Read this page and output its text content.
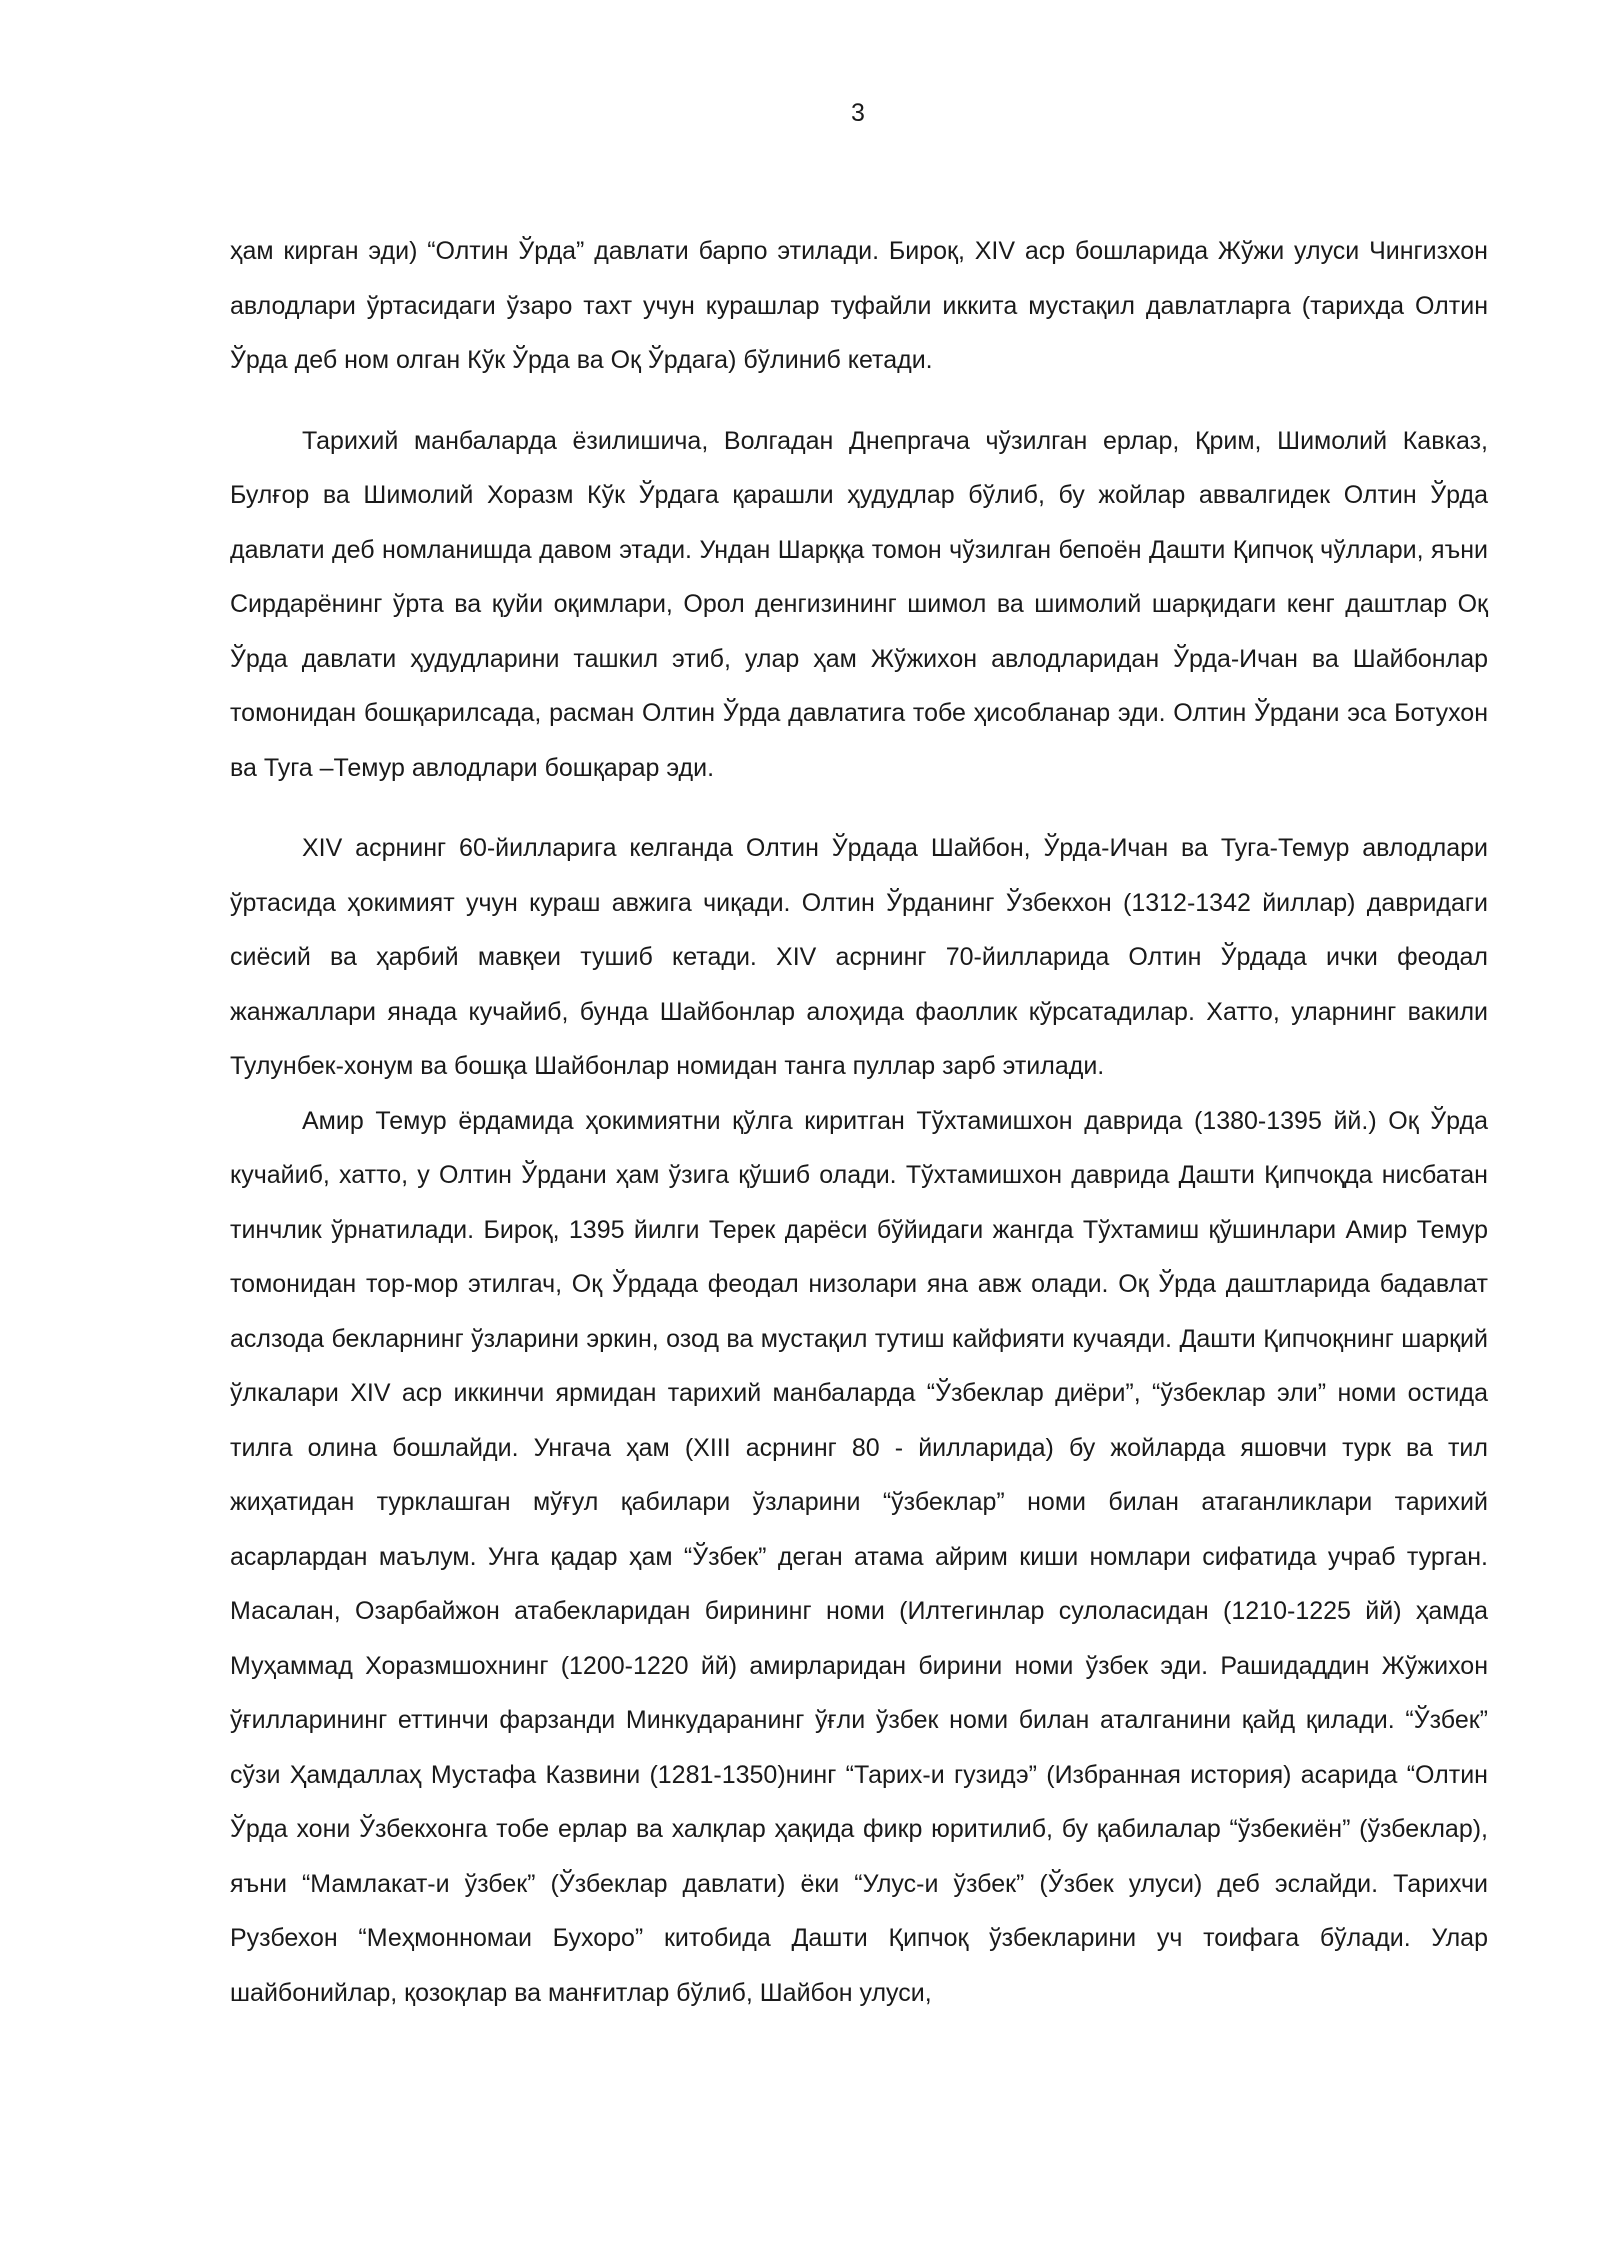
3

ҳам кирган эди) “Олтин Ўрда” давлати барпо этилади. Бироқ, XIV аср бошларида Жўжи улуси Чингизхон авлодлари ўртасидаги ўзаро тахт учун курашлар туфайли иккита мустақил давлатларга (тарихда Олтин Ўрда деб ном олган Кўк Ўрда ва Оқ Ўрдага) бўлиниб кетади.

Тарихий манбаларда ёзилишича, Волгадан Днепргача чўзилган ерлар, Қрим, Шимолий Кавказ, Булғор ва Шимолий Хоразм Кўк Ўрдага қарашли ҳудудлар бўлиб, бу жойлар аввалгидек Олтин Ўрда давлати деб номланишда давом этади. Ундан Шарққа томон чўзилган бепоён Дашти Қипчоқ чўллари, яъни Сирдарёнинг ўрта ва қуйи оқимлари, Орол денгизининг шимол ва шимолий шарқидаги кенг даштлар Оқ Ўрда давлати ҳудудларини ташкил этиб, улар ҳам Жўжихон авлодларидан Ўрда-Ичан ва Шайбонлар томонидан бошқарилсада, расман Олтин Ўрда давлатига тобе ҳисобланар эди. Олтин Ўрдани эса Ботухон ва Туга –Темур авлодлари бошқарар эди.

XIV асрнинг 60-йилларига келганда Олтин Ўрдада Шайбон, Ўрда-Ичан ва Туга-Темур авлодлари ўртасида ҳокимият учун кураш авжига чиқади. Олтин Ўрданинг Ўзбекхон (1312-1342 йиллар) давридаги сиёсий ва ҳарбий мавқеи тушиб кетади. XIV асрнинг 70-йилларида Олтин Ўрдада ички феодал жанжаллари янада кучайиб, бунда Шайбонлар алоҳида фаоллик кўрсатадилар. Хатто, уларнинг вакили Тулунбек-хонум ва бошқа Шайбонлар номидан танга пуллар зарб этилади.

Амир Темур ёрдамида ҳокимиятни қўлга киритган Тўхтамишхон даврида (1380-1395 йй.) Оқ Ўрда кучайиб, хатто, у Олтин Ўрдани ҳам ўзига қўшиб олади. Тўхтамишхон даврида Дашти Қипчоқда нисбатан тинчлик ўрнатилади. Бироқ, 1395 йилги Терек дарёси бўйидаги жангда Тўхтамиш қўшинлари Амир Темур томонидан тор-мор этилгач, Оқ Ўрдада феодал низолари яна авж олади. Оқ Ўрда даштларида бадавлат аслзода бекларнинг ўзларини эркин, озод ва мустақил тутиш кайфияти кучаяди. Дашти Қипчоқнинг шарқий ўлкалари XIV аср иккинчи ярмидан тарихий манбаларда “Ўзбеклар диёри”, “ўзбеклар эли” номи остида тилга олина бошлайди. Унгача ҳам (XIII асрнинг 80 - йилларида) бу жойларда яшовчи турк ва тил жиҳатидан турклашган мўғул қабилари ўзларини “ўзбеклар” номи билан атаганликлари тарихий асарлардан маълум. Унга қадар ҳам “Ўзбек” деган атама айрим киши номлари сифатида учраб турган. Масалан, Озарбайжон атабекларидан бирининг номи (Илтегинлар сулоласидан (1210-1225 йй) ҳамда Муҳаммад Хоразмшохнинг (1200-1220 йй) амирларидан бирини номи ўзбек эди. Рашидаддин Жўжихон ўғилларининг еттинчи фарзанди Минкударанинг ўғли ўзбек номи билан аталганини қайд қилади. “Ўзбек” сўзи Ҳамдаллаҳ Мустафа Казвини (1281-1350)нинг “Тарих-и гузидэ” (Избранная история) асарида “Олтин Ўрда хони Ўзбекхонга тобе ерлар ва халқлар ҳақида фикр юритилиб, бу қабилалар “ўзбекиён” (ўзбеклар), яъни “Мамлакат-и ўзбек” (Ўзбеклар давлати) ёки “Улус-и ўзбек” (Ўзбек улуси) деб эслайди. Тарихчи Рузбехон “Меҳмонномаи Бухоро” китобида Дашти Қипчоқ ўзбекларини уч тоифага бўлади. Улар шайбонийлар, қозоқлар ва манғитлар бўлиб, Шайбон улуси,
